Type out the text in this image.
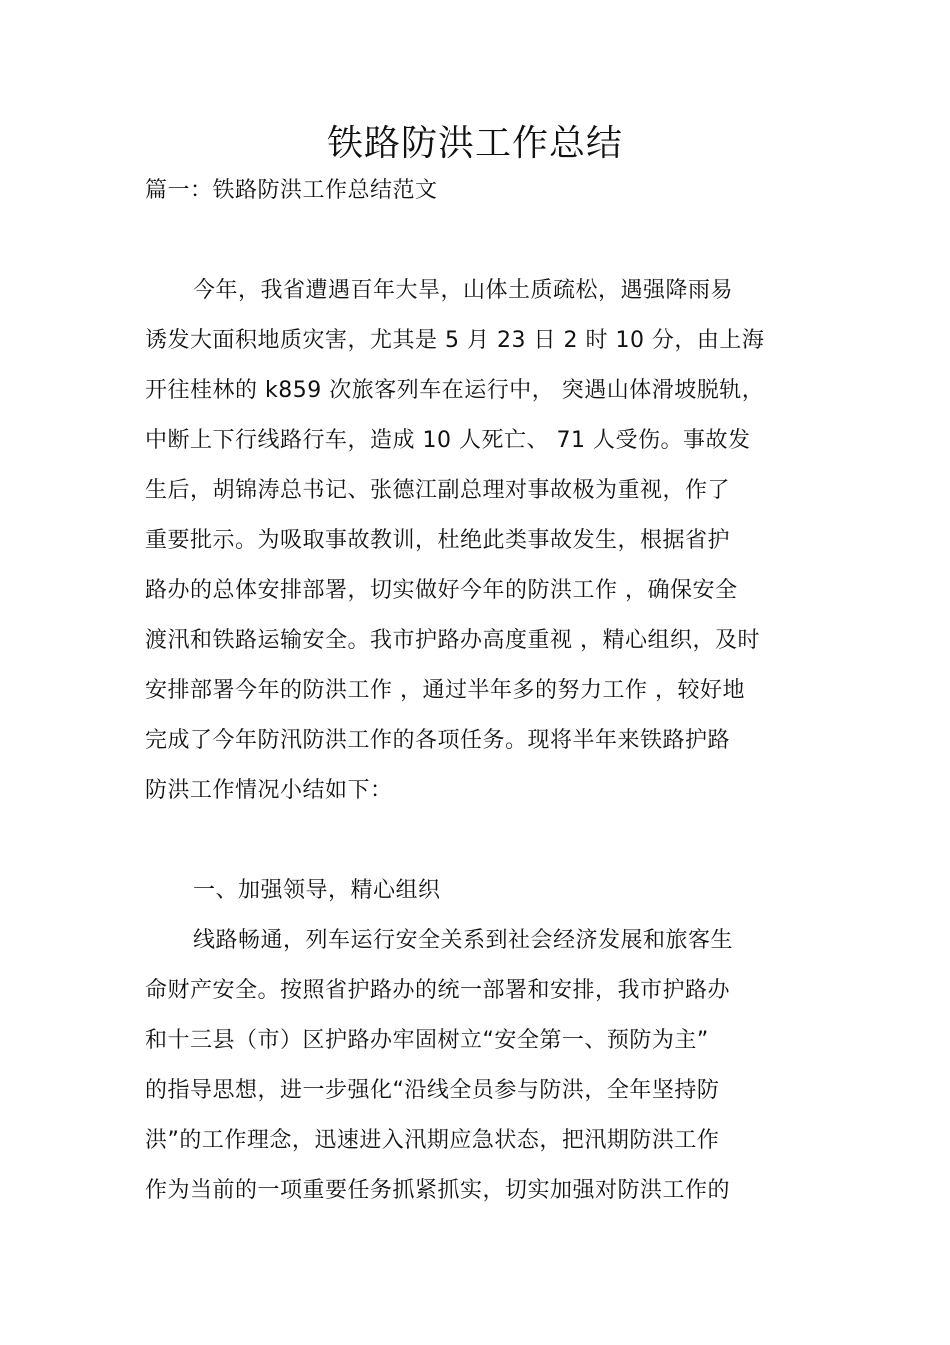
铁路防洪工作总结
篇一：铁路防洪工作总结范文
今年，我省遭遇百年大旱，山体土质疏松，遇强降雨易
诱发大面积地质灾害，尤其是 5 月 23 日 2 时 10 分，由上海
开往桂林的 k859 次旅客列车在运行中， 突遇山体滑坡脱轨，
中断上下行线路行车，造成 10 人死亡、 71 人受伤。事故发
生后，胡锦涛总书记、张德江副总理对事故极为重视，作了
重要批示。为吸取事故教训，杜绝此类事故发生，根据省护
路办的总体安排部署，切实做好今年的防洪工作 ，确保安全
渡汛和铁路运输安全。我市护路办高度重视 ，精心组织，及时
安排部署今年的防洪工作 ，通过半年多的努力工作 ，较好地
完成了今年防汛防洪工作的各项任务。现将半年来铁路护路
防洪工作情况小结如下：
一、加强领导，精心组织
线路畅通，列车运行安全关系到社会经济发展和旅客生
命财产安全。按照省护路办的统一部署和安排，我市护路办
和十三县（市）区护路办牢固树立“安全第一、预防为主”
的指导思想，进一步强化“沿线全员参与防洪，全年坚持防
洪”的工作理念，迅速进入汛期应急状态，把汛期防洪工作
作为当前的一项重要任务抓紧抓实，切实加强对防洪工作的
